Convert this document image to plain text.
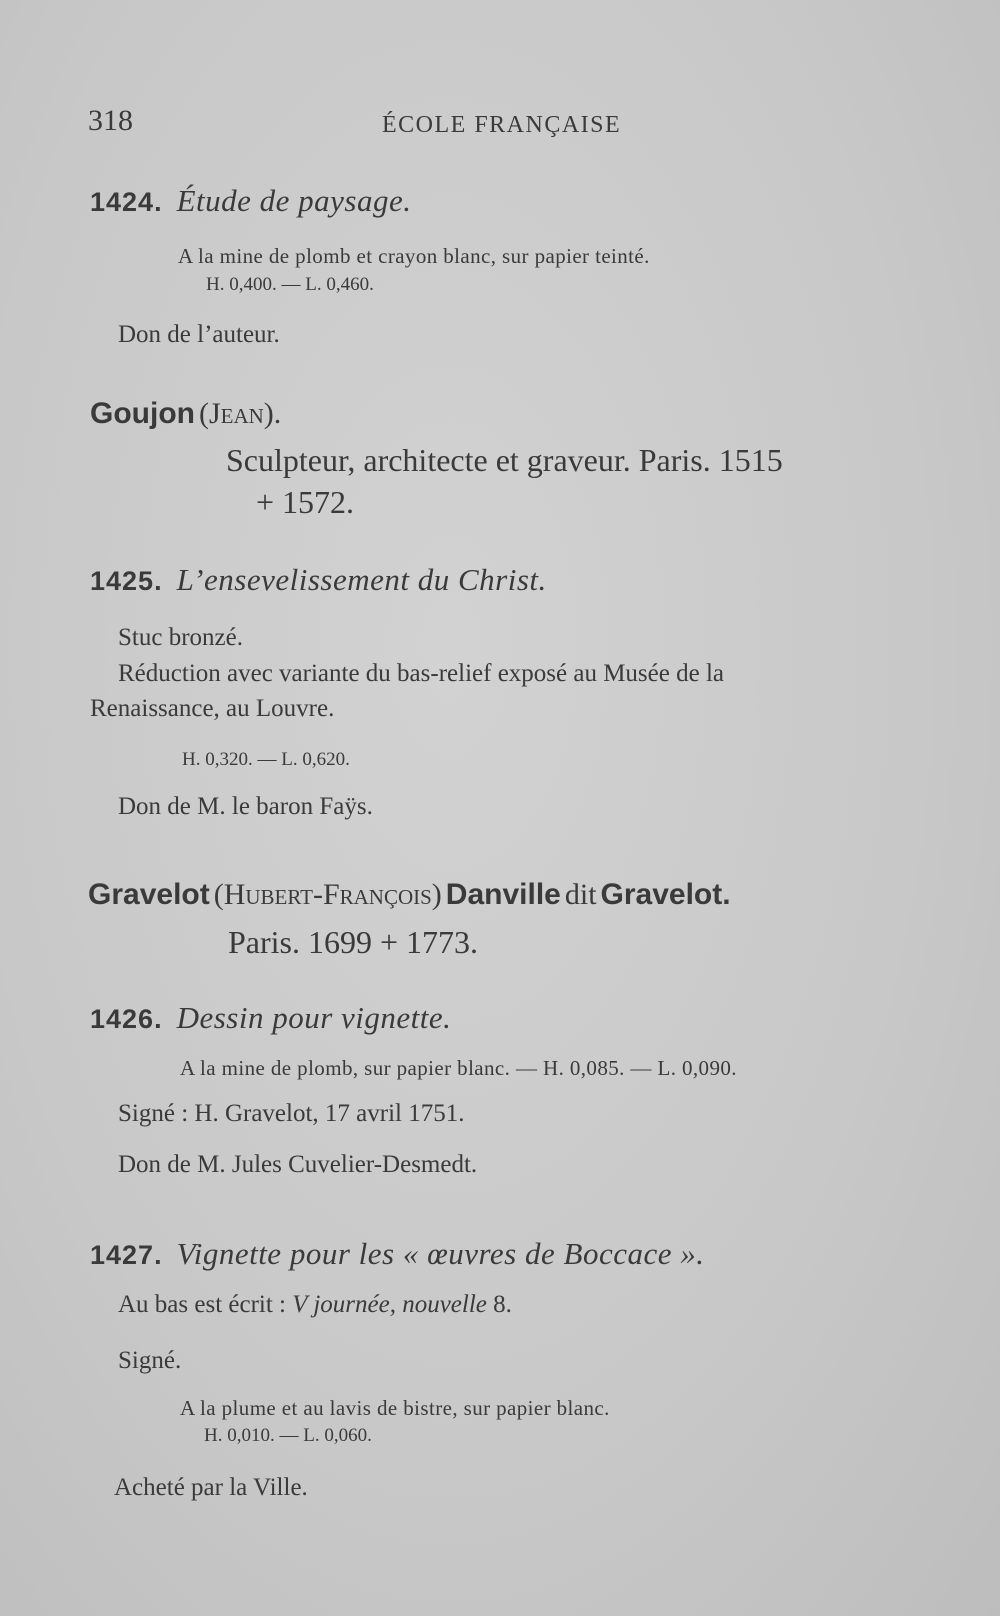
318	ÉCOLE FRANÇAISE
1424. Étude de paysage.
A la mine de plomb et crayon blanc, sur papier teinté.
H. 0,400. — L. 0,460.
Don de l’auteur.
Goujon (Jean).
Sculpteur, architecte et graveur. Paris. 1515
+ 1572.
1425. L’ensevelissement du Christ.
Stuc bronzé.
Réduction avec variante du bas-relief exposé au Musée de la
Renaissance, au Louvre.
H. 0,320. — L. 0,620.
Don de M. le baron Faÿs.
Gravelot (Hubert-François) Danville dit Gravelot.
Paris. 1699 + 1773.
1426. Dessin pour vignette.
A la mine de plomb, sur papier blanc. — H. 0,085. — L. 0,090.
Signé : H. Gravelot, 17 avril 1751.
Don de M. Jules Cuvelier-Desmedt.
1427. Vignette pour les « œuvres de Boccace ».
Au bas est écrit : V journée, nouvelle 8.
Signé.
A la plume et au lavis de bistre, sur papier blanc.
H. 0,010. — L. 0,060.
Acheté par la Ville.
